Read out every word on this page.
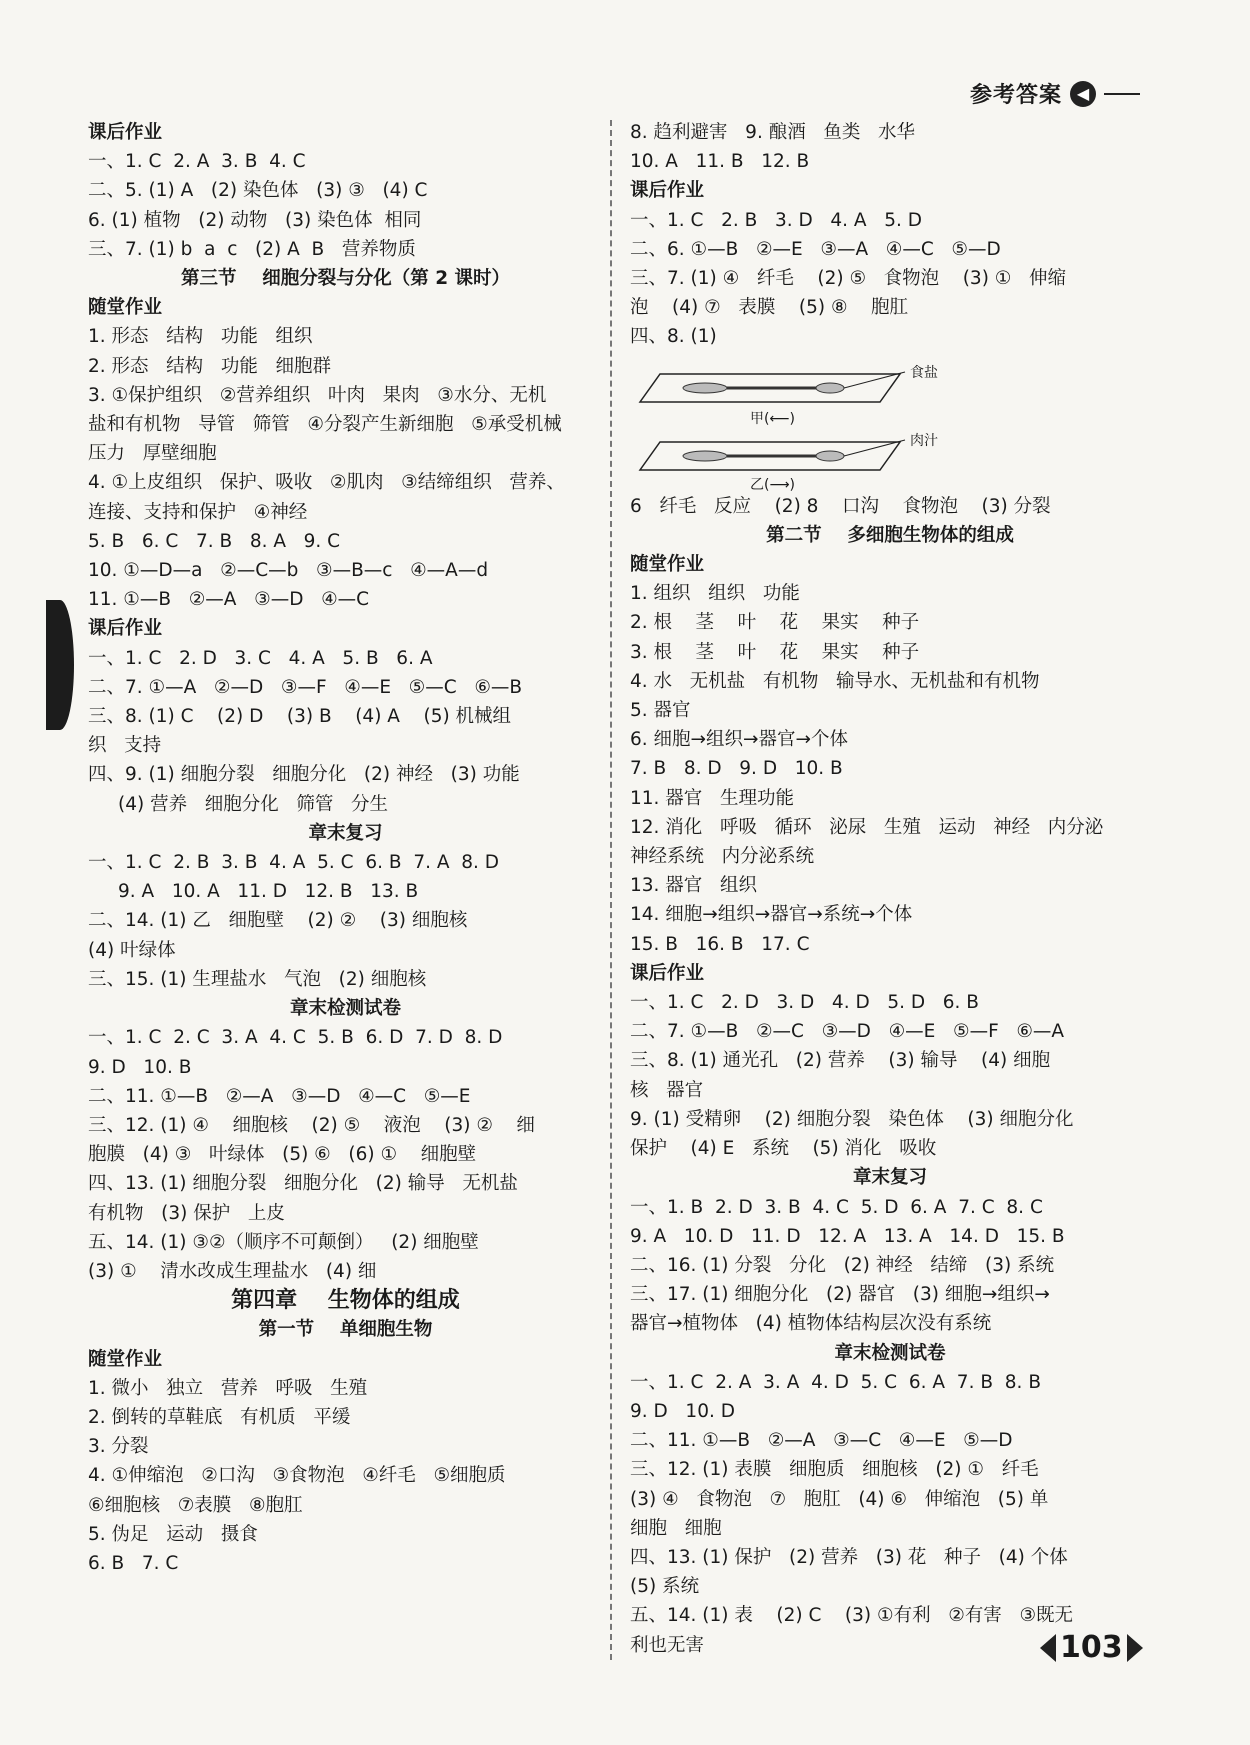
参考答案 ◀
课后作业
一、1. C  2. A  3. B  4. C
二、5. (1) A   (2) 染色体   (3) ③   (4) C
6. (1) 植物   (2) 动物   (3) 染色体  相同
三、7. (1) b  a  c   (2) A  B   营养物质
第三节    细胞分裂与分化（第 2 课时）
随堂作业
1. 形态   结构   功能   组织
2. 形态   结构   功能   细胞群
3. ①保护组织   ②营养组织   叶肉   果肉   ③水分、无机
盐和有机物   导管   筛管   ④分裂产生新细胞   ⑤承受机械
压力   厚壁细胞
4. ①上皮组织   保护、吸收   ②肌肉   ③结缔组织   营养、
连接、支持和保护   ④神经
5. B   6. C   7. B   8. A   9. C
10. ①—D—a   ②—C—b   ③—B—c   ④—A—d
11. ①—B   ②—A   ③—D   ④—C
课后作业
一、1. C   2. D   3. C   4. A   5. B   6. A
二、7. ①—A   ②—D   ③—F   ④—E   ⑤—C   ⑥—B
三、8. (1) C    (2) D    (3) B    (4) A    (5) 机械组
织   支持
四、9. (1) 细胞分裂   细胞分化   (2) 神经   (3) 功能
(4) 营养   细胞分化   筛管   分生
章末复习
一、1. C  2. B  3. B  4. A  5. C  6. B  7. A  8. D
9. A   10. A   11. D   12. B   13. B
二、14. (1) 乙   细胞壁    (2) ②    (3) 细胞核
(4) 叶绿体
三、15. (1) 生理盐水   气泡   (2) 细胞核
章末检测试卷
一、1. C  2. C  3. A  4. C  5. B  6. D  7. D  8. D
9. D   10. B
二、11. ①—B   ②—A   ③—D   ④—C   ⑤—E
三、12. (1) ④    细胞核    (2) ⑤    液泡    (3) ②    细
胞膜   (4) ③   叶绿体   (5) ⑥   (6) ①    细胞壁
四、13. (1) 细胞分裂   细胞分化   (2) 输导   无机盐
有机物   (3) 保护   上皮
五、14. (1) ③②（顺序不可颠倒）   (2) 细胞壁
(3) ①    清水改成生理盐水   (4) 细
第四章    生物体的组成
第一节    单细胞生物
随堂作业
1. 微小   独立   营养   呼吸   生殖
2. 倒转的草鞋底   有机质   平缓
3. 分裂
4. ①伸缩泡   ②口沟   ③食物泡   ④纤毛   ⑤细胞质
⑥细胞核   ⑦表膜   ⑧胞肛
5. 伪足   运动   摄食
6. B   7. C
8. 趋利避害   9. 酿酒   鱼类   水华
10. A   11. B   12. B
课后作业
一、1. C   2. B   3. D   4. A   5. D
二、6. ①—B   ②—E   ③—A   ④—C   ⑤—D
三、7. (1) ④   纤毛    (2) ⑤   食物泡    (3) ①   伸缩
泡    (4) ⑦   表膜    (5) ⑧    胞肛
四、8. (1)
食盐
肉汁
甲(⟵)
乙(⟶)
6   纤毛   反应    (2) 8    口沟    食物泡    (3) 分裂
第二节    多细胞生物体的组成
随堂作业
1. 组织   组织   功能
2. 根    茎    叶    花    果实    种子
3. 根    茎    叶    花    果实    种子
4. 水   无机盐   有机物   输导水、无机盐和有机物
5. 器官
6. 细胞→组织→器官→个体
7. B   8. D   9. D   10. B
11. 器官   生理功能
12. 消化   呼吸   循环   泌尿   生殖   运动   神经   内分泌
神经系统   内分泌系统
13. 器官   组织
14. 细胞→组织→器官→系统→个体
15. B   16. B   17. C
课后作业
一、1. C   2. D   3. D   4. D   5. D   6. B
二、7. ①—B   ②—C   ③—D   ④—E   ⑤—F   ⑥—A
三、8. (1) 通光孔   (2) 营养    (3) 输导    (4) 细胞
核   器官
9. (1) 受精卵    (2) 细胞分裂   染色体    (3) 细胞分化
保护    (4) E   系统    (5) 消化   吸收
章末复习
一、1. B  2. D  3. B  4. C  5. D  6. A  7. C  8. C
9. A   10. D   11. D   12. A   13. A   14. D   15. B
二、16. (1) 分裂   分化   (2) 神经   结缔   (3) 系统
三、17. (1) 细胞分化   (2) 器官   (3) 细胞→组织→
器官→植物体   (4) 植物体结构层次没有系统
章末检测试卷
一、1. C  2. A  3. A  4. D  5. C  6. A  7. B  8. B
9. D   10. D
二、11. ①—B   ②—A   ③—C   ④—E   ⑤—D
三、12. (1) 表膜   细胞质   细胞核   (2) ①   纤毛
(3) ④   食物泡   ⑦   胞肛   (4) ⑥   伸缩泡   (5) 单
细胞   细胞
四、13. (1) 保护   (2) 营养   (3) 花   种子   (4) 个体
(5) 系统
五、14. (1) 表    (2) C    (3) ①有利   ②有害   ③既无
利也无害	103
